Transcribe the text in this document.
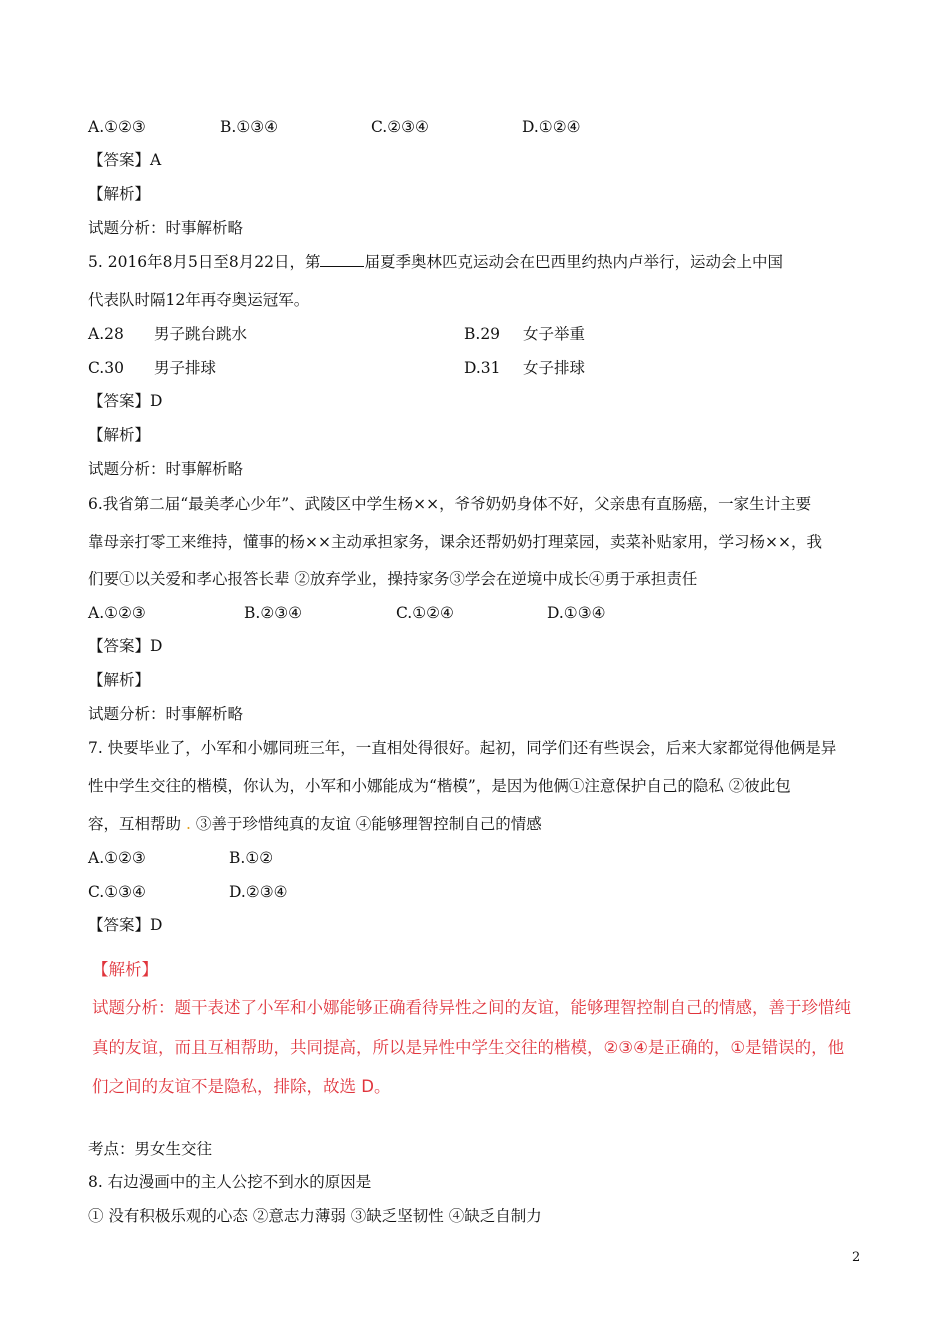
A.①②③	B.①③④	C.②③④	D.①②④
【答案】A
【解析】
试题分析：时事解析略
5. 2016年8月5日至8月22日，第	届夏季奥林匹克运动会在巴西里约热内卢举行，运动会上中国
代表队时隔12年再夺奥运冠军。
A.28 男子跳台跳水	B.29 女子举重
C.30 男子排球	D.31 女子排球
【答案】D
【解析】
试题分析：时事解析略
6.我省第二届“最美孝心少年”、武陵区中学生杨××，爷爷奶奶身体不好，父亲患有直肠癌，一家生计主要
靠母亲打零工来维持，懂事的杨××主动承担家务，课余还帮奶奶打理菜园，卖菜补贴家用，学习杨××，我
们要①以关爱和孝心报答长辈 ②放弃学业，操持家务③学会在逆境中成长④勇于承担责任
A.①②③	B.②③④	C.①②④	D.①③④
【答案】D
【解析】
试题分析：时事解析略
7. 快要毕业了，小军和小娜同班三年，一直相处得很好。起初，同学们还有些误会，后来大家都觉得他俩是异
性中学生交往的楷模，你认为，小军和小娜能成为“楷模”，是因为他俩①注意保护自己的隐私 ②彼此包
容，互相帮助 . ③善于珍惜纯真的友谊 ④能够理智控制自己的情感
A.①②③	B.①②
C.①③④	D.②③④
【答案】D
【解析】
试题分析：题干表述了小军和小娜能够正确看待异性之间的友谊，能够理智控制自己的情感，善于珍惜纯
真的友谊，而且互相帮助，共同提高，所以是异性中学生交往的楷模，②③④是正确的，①是错误的，他
们之间的友谊不是隐私，排除，故选 D。
考点：男女生交往
8. 右边漫画中的主人公挖不到水的原因是
① 没有积极乐观的心态 ②意志力薄弱 ③缺乏坚韧性 ④缺乏自制力
2
